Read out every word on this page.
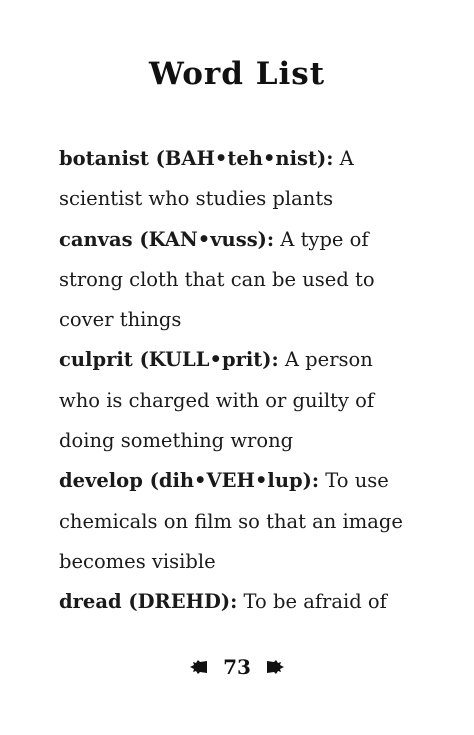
Word List

botanist (BAH•teh•nist): A scientist who studies plants

canvas (KAN•vuss): A type of strong cloth that can be used to cover things

culprit (KULL•prit): A person who is charged with or guilty of doing something wrong

develop (dih•VEH•lup): To use chemicals on film so that an image becomes visible

dread (DREHD): To be afraid of

73
